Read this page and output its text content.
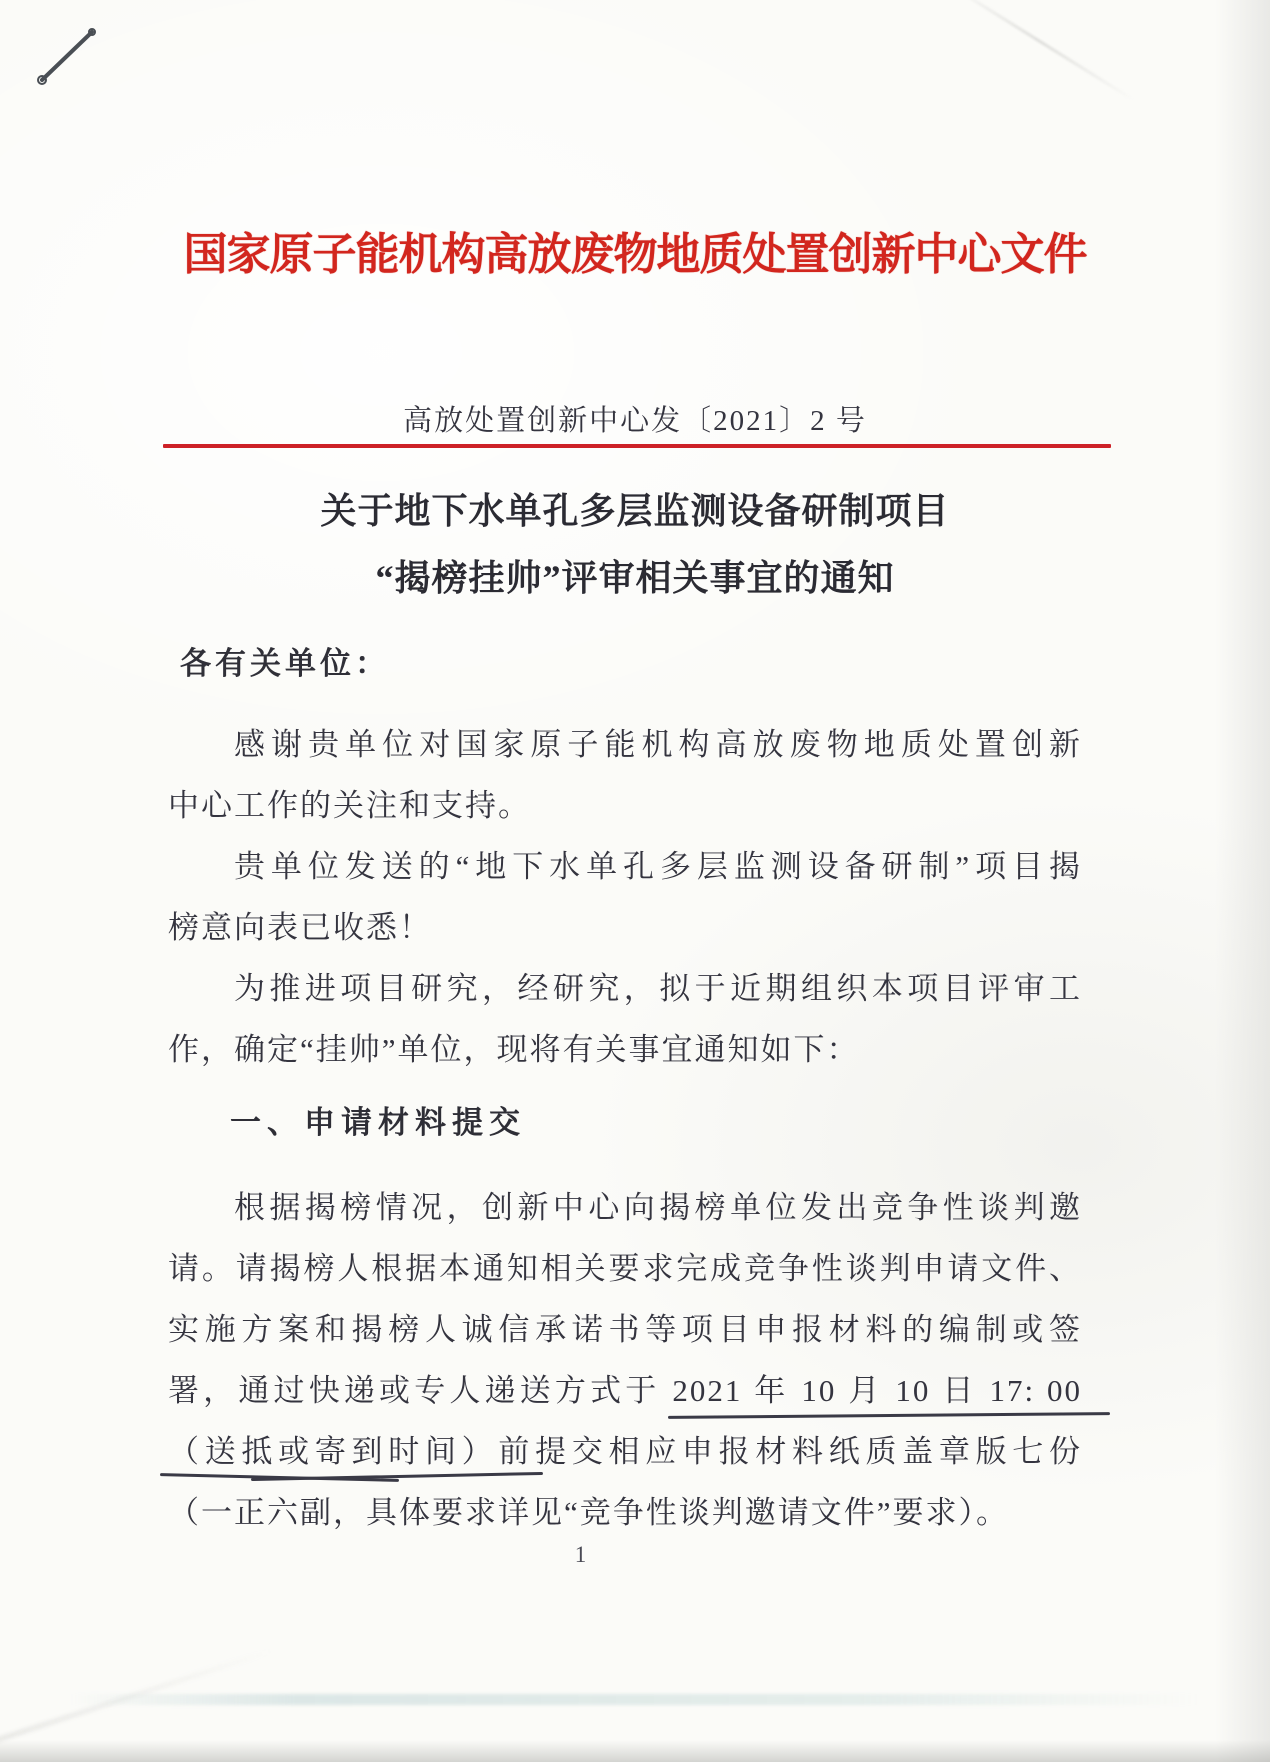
国家原子能机构高放废物地质处置创新中心文件
高放处置创新中心发〔2021〕2 号
关于地下水单孔多层监测设备研制项目
“揭榜挂帅”评审相关事宜的通知
各有关单位：
感谢贵单位对国家原子能机构高放废物地质处置创新
中心工作的关注和支持。
贵单位发送的“地下水单孔多层监测设备研制”项目揭
榜意向表已收悉！
为推进项目研究，经研究，拟于近期组织本项目评审工
作，确定“挂帅”单位，现将有关事宜通知如下：
一、申请材料提交
根据揭榜情况，创新中心向揭榜单位发出竞争性谈判邀
请。请揭榜人根据本通知相关要求完成竞争性谈判申请文件、
实施方案和揭榜人诚信承诺书等项目申报材料的编制或签
署，通过快递或专人递送方式于 2021 年 10 月 10 日 17: 00
（送抵或寄到时间）前提交相应申报材料纸质盖章版七份
（一正六副，具体要求详见“竞争性谈判邀请文件”要求）。
1
